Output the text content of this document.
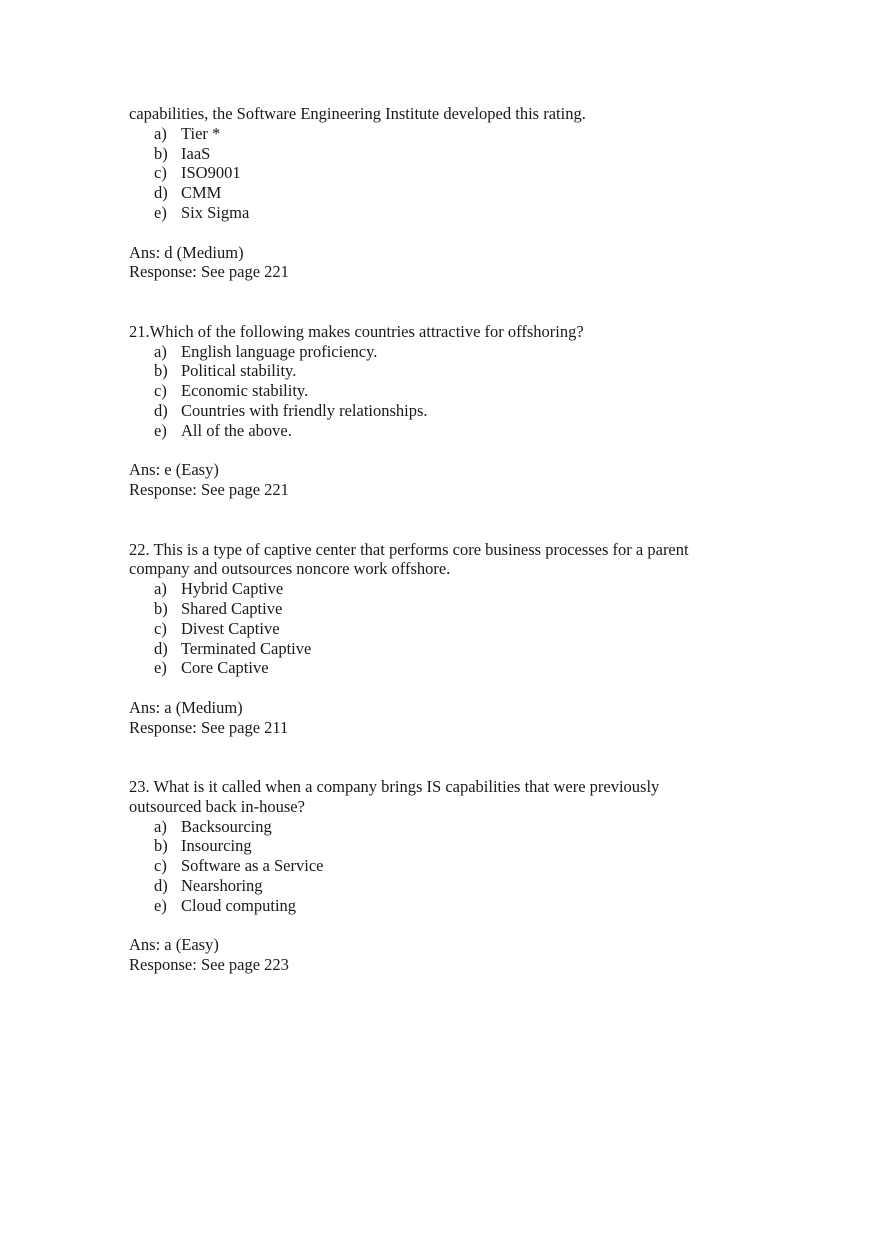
capabilities, the Software Engineering Institute developed this rating.
a) Tier *
b) IaaS
c) ISO9001
d) CMM
e) Six Sigma
Ans: d (Medium)
Response: See page 221
21.Which of the following makes countries attractive for offshoring?
a) English language proficiency.
b) Political stability.
c) Economic stability.
d) Countries with friendly relationships.
e) All of the above.
Ans: e (Easy)
Response: See page 221
22. This is a type of captive center that performs core business processes for a parent
company and outsources noncore work offshore.
a) Hybrid Captive
b) Shared Captive
c) Divest Captive
d) Terminated Captive
e) Core Captive
Ans: a (Medium)
Response: See page 211
23. What is it called when a company brings IS capabilities that were previously
outsourced back in-house?
a) Backsourcing
b) Insourcing
c) Software as a Service
d) Nearshoring
e) Cloud computing
Ans: a (Easy)
Response: See page 223
